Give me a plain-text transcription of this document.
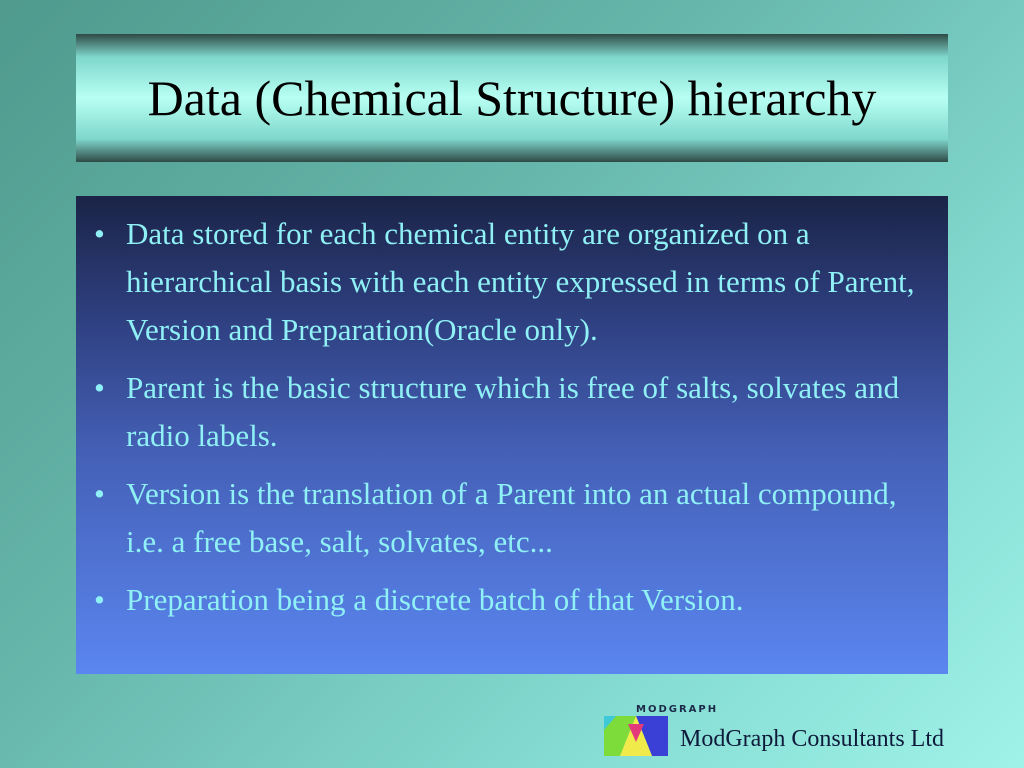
Data (Chemical Structure) hierarchy
• Data stored for each chemical entity are organized on a hierarchical basis with each entity expressed in terms of Parent, Version and Preparation(Oracle only).
• Parent is the basic structure which is free of salts, solvates and radio labels.
• Version is the translation of a Parent into an actual compound, i.e. a free base, salt, solvates, etc...
• Preparation being a discrete batch of that Version.
MODGRAPH
ModGraph Consultants Ltd
